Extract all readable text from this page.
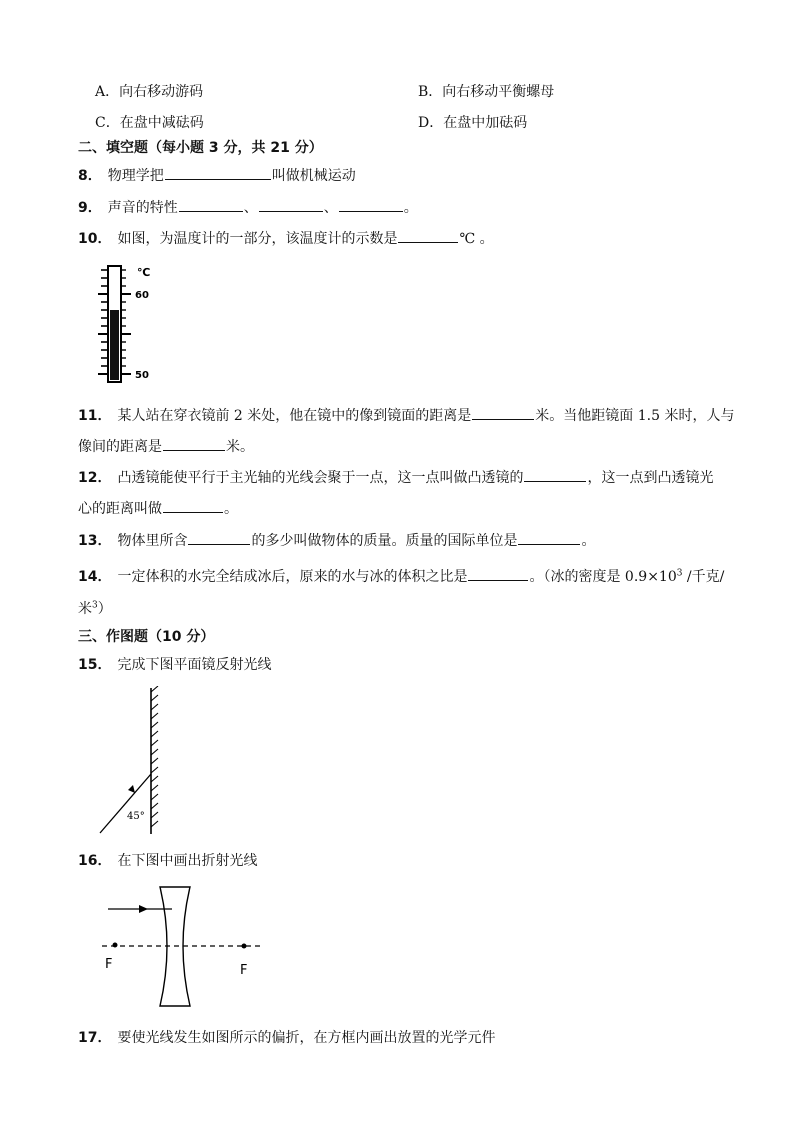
A．向右移动游码	B．向右移动平衡螺母
C．在盘中减砝码	D．在盘中加砝码
二、填空题（每小题 3 分，共 21 分）
8． 物理学把	叫做机械运动
9． 声音的特性	、	、	。
10． 如图，为温度计的一部分，该温度计的示数是	℃ 。
℃
60
50
11． 某人站在穿衣镜前 2 米处，他在镜中的像到镜面的距离是	米。当他距镜面 1.5 米时，人与
像间的距离是	米。
12． 凸透镜能使平行于主光轴的光线会聚于一点，这一点叫做凸透镜的	，这一点到凸透镜光
心的距离叫做	。
13． 物体里所含	的多少叫做物体的质量。质量的国际单位是	。
14． 一定体积的水完全结成冰后，原来的水与冰的体积之比是	。（冰的密度是 $0.9\times 10^3$ /千克/
米$^3$）
三、作图题（10 分）
15． 完成下图平面镜反射光线
45°
16． 在下图中画出折射光线
F	F
17． 要使光线发生如图所示的偏折，在方框内画出放置的光学元件
